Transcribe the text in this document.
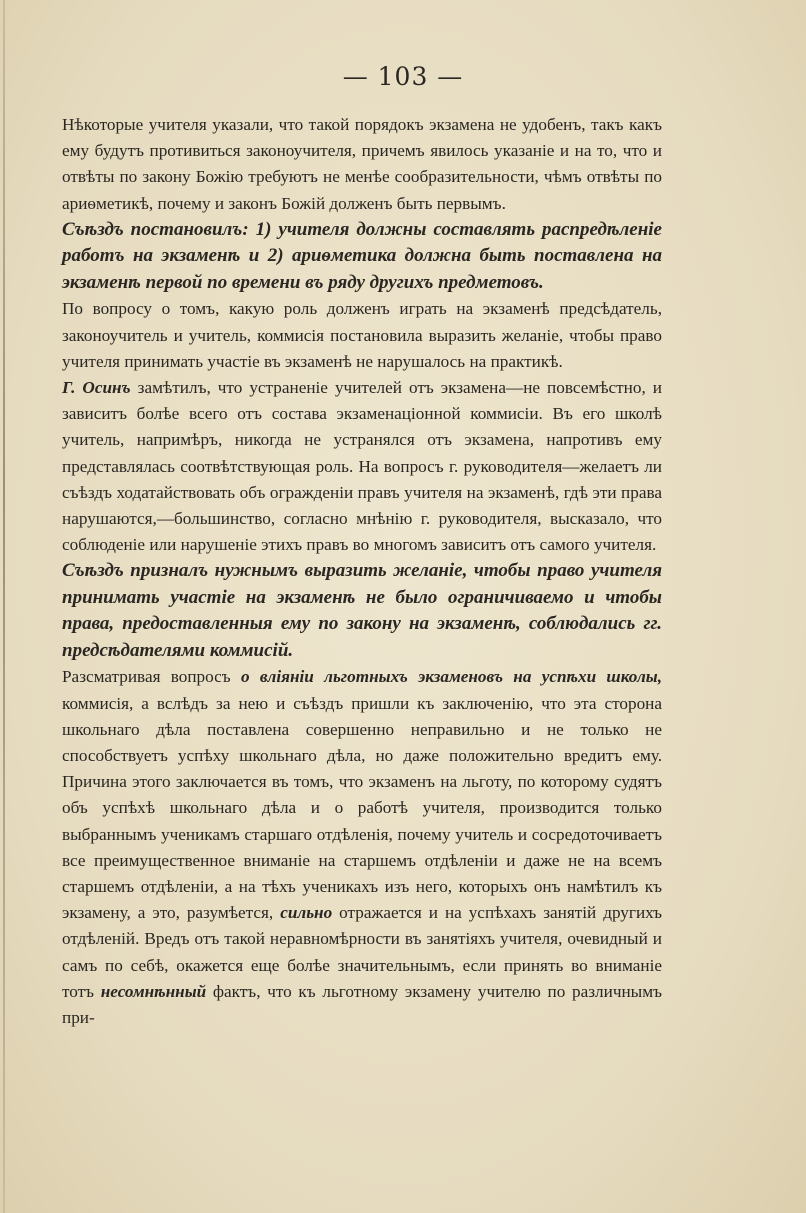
— 103 —

Нѣкоторые учителя указали, что такой порядокъ экзамена не удобенъ, такъ какъ ему будутъ противиться законоучителя, причемъ явилось указаніе и на то, что и отвѣты по закону Божію требуютъ не менѣе сообразительности, чѣмъ отвѣты по ариѳметикѣ, почему и законъ Божій долженъ быть первымъ.

Съѣздъ постановилъ: 1) учителя должны составлять распредѣленіе работъ на экзаменѣ и 2) ариѳметика должна быть поставлена на экзаменѣ первой по времени въ ряду другихъ предметовъ.

По вопросу о томъ, какую роль долженъ играть на экзаменѣ предсѣдатель, законоучитель и учитель, коммисія постановила выразить желаніе, чтобы право учителя принимать участіе въ экзаменѣ не нарушалось на практикѣ.

Г. Осинъ замѣтилъ, что устраненіе учителей отъ экзамена—не повсемѣстно, и зависитъ болѣе всего отъ состава экзаменаціонной коммисіи. Въ его школѣ учитель, напримѣръ, никогда не устранялся отъ экзамена, напротивъ ему представлялась соотвѣтствующая роль. На вопросъ г. руководителя—желаетъ ли съѣздъ ходатайствовать объ огражденіи правъ учителя на экзаменѣ, гдѣ эти права нарушаются,—большинство, согласно мнѣнію г. руководителя, высказало, что соблюденіе или нарушеніе этихъ правъ во многомъ зависитъ отъ самого учителя.

Съѣздъ призналъ нужнымъ выразить желаніе, чтобы право учителя принимать участіе на экзаменѣ не было ограничиваемо и чтобы права, предоставленныя ему по закону на экзаменѣ, соблюдались гг. предсѣдателями коммисій.

Разсматривая вопросъ о вліяніи льготныхъ экзаменовъ на успѣхи школы, коммисія, а вслѣдъ за нею и съѣздъ пришли къ заключенію, что эта сторона школьнаго дѣла поставлена совершенно неправильно и не только не способствуетъ успѣху школьнаго дѣла, но даже положительно вредитъ ему. Причина этого заключается въ томъ, что экзаменъ на льготу, по которому судятъ объ успѣхѣ школьнаго дѣла и о работѣ учителя, производится только выбраннымъ ученикамъ старшаго отдѣленія, почему учитель и сосредоточиваетъ все преимущественное вниманіе на старшемъ отдѣленіи и даже не на всемъ старшемъ отдѣленіи, а на тѣхъ ученикахъ изъ него, которыхъ онъ намѣтилъ къ экзамену, а это, разумѣется, сильно отражается и на успѣхахъ занятій другихъ отдѣленій. Вредъ отъ такой неравномѣрности въ занятіяхъ учителя, очевидный и самъ по себѣ, окажется еще болѣе значительнымъ, если принять во вниманіе тотъ несомнѣнный фактъ, что къ льготному экзамену учителю по различнымъ при-
